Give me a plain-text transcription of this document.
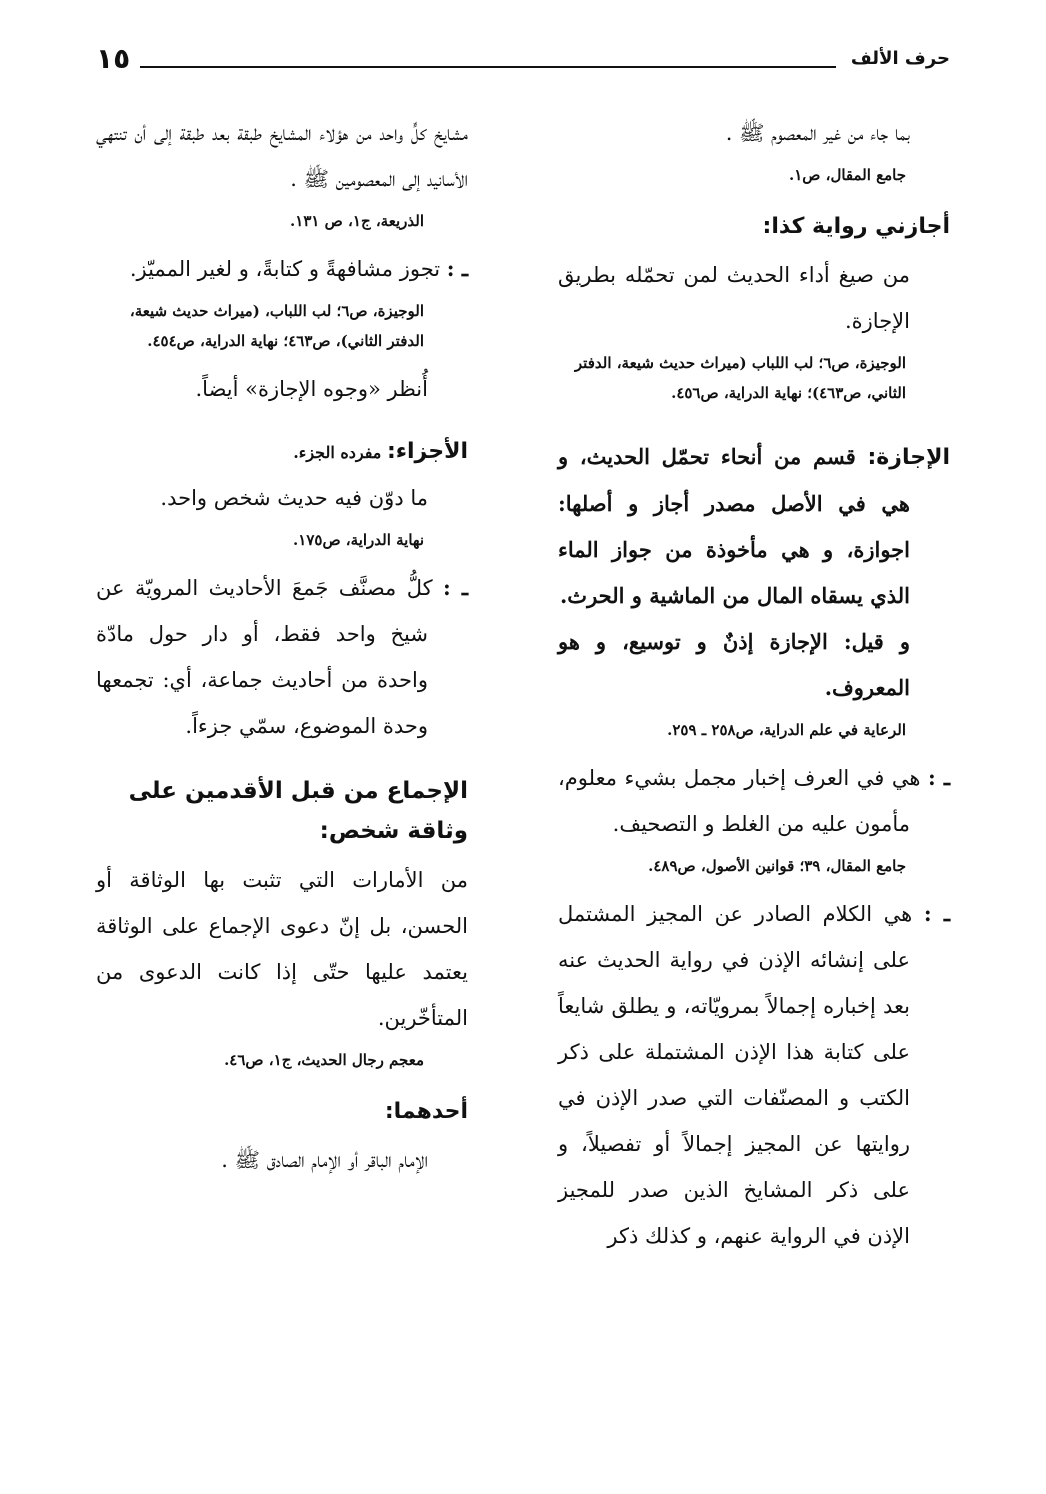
١٥	حرف الألف

بما جاء من غير المعصوم ﷺ .

جامع المقال، ص١.
أجازني رواية كذا:

من صيغ أداء الحديث لمن تحمّله بطريق الإجازة.

الوجيزة، ص٦؛ لب اللباب (ميراث حديث شيعة، الدفتر الثاني، ص٤٦٣)؛ نهاية الدراية، ص٤٥٦.

الإجازة: قسم من أنحاء تحمّل الحديث، و هي في الأصل مصدر أجاز و أصلها: اجوازة، و هي مأخوذة من جواز الماء الذي يسقاه المال من الماشية و الحرث.

و قيل: الإجازة إذنٌ و توسيع، و هو المعروف.

الرعاية في علم الدراية، ص٢٥٨ ـ ٢٥٩.

ـ : هي في العرف إخبار مجمل بشيء معلوم، مأمون عليه من الغلط و التصحيف.

جامع المقال، ٣٩؛ قوانين الأصول، ص٤٨٩.

ـ : هي الكلام الصادر عن المجيز المشتمل على إنشائه الإذن في رواية الحديث عنه بعد إخباره إجمالاً بمرويّاته، و يطلق شايعاً على كتابة هذا الإذن المشتملة على ذكر الكتب و المصنّفات التي صدر الإذن في روايتها عن المجيز إجمالاً أو تفصيلاً، و على ذكر المشايخ الذين صدر للمجيز الإذن في الرواية عنهم، و كذلك ذكر

مشايخ كلٍّ واحد من هؤلاء المشايخ طبقة بعد طبقة إلى أن تنتهي الأسانيد إلى المعصومين ﷺ .

الذريعة، ج١، ص ١٣١.

ـ : تجوز مشافهةً و كتابةً، و لغير المميّز.

الوجيزة، ص٦؛ لب اللباب، (ميراث حديث شيعة، الدفتر الثاني)، ص٤٦٣؛ نهاية الدراية، ص٤٥٤.

أُنظر «وجوه الإجازة» أيضاً.

الأجزاء: مفرده الجزء.

ما دوّن فيه حديث شخص واحد.

نهاية الدراية، ص١٧٥.

ـ : كلُّ مصنَّف جَمعَ الأحاديث المرويّة عن شيخ واحد فقط، أو دار حول مادّة واحدة من أحاديث جماعة، أي: تجمعها وحدة الموضوع، سمّي جزءاً.

الإجماع من قبل الأقدمين على وثاقة شخص:

من الأمارات التي تثبت بها الوثاقة أو الحسن، بل إنّ دعوى الإجماع على الوثاقة يعتمد عليها حتّى إذا كانت الدعوى من المتأخّرين.

معجم رجال الحديث، ج١، ص٤٦.
أحدهما:

الإمام الباقر أو الإمام الصادق ﷺ .
